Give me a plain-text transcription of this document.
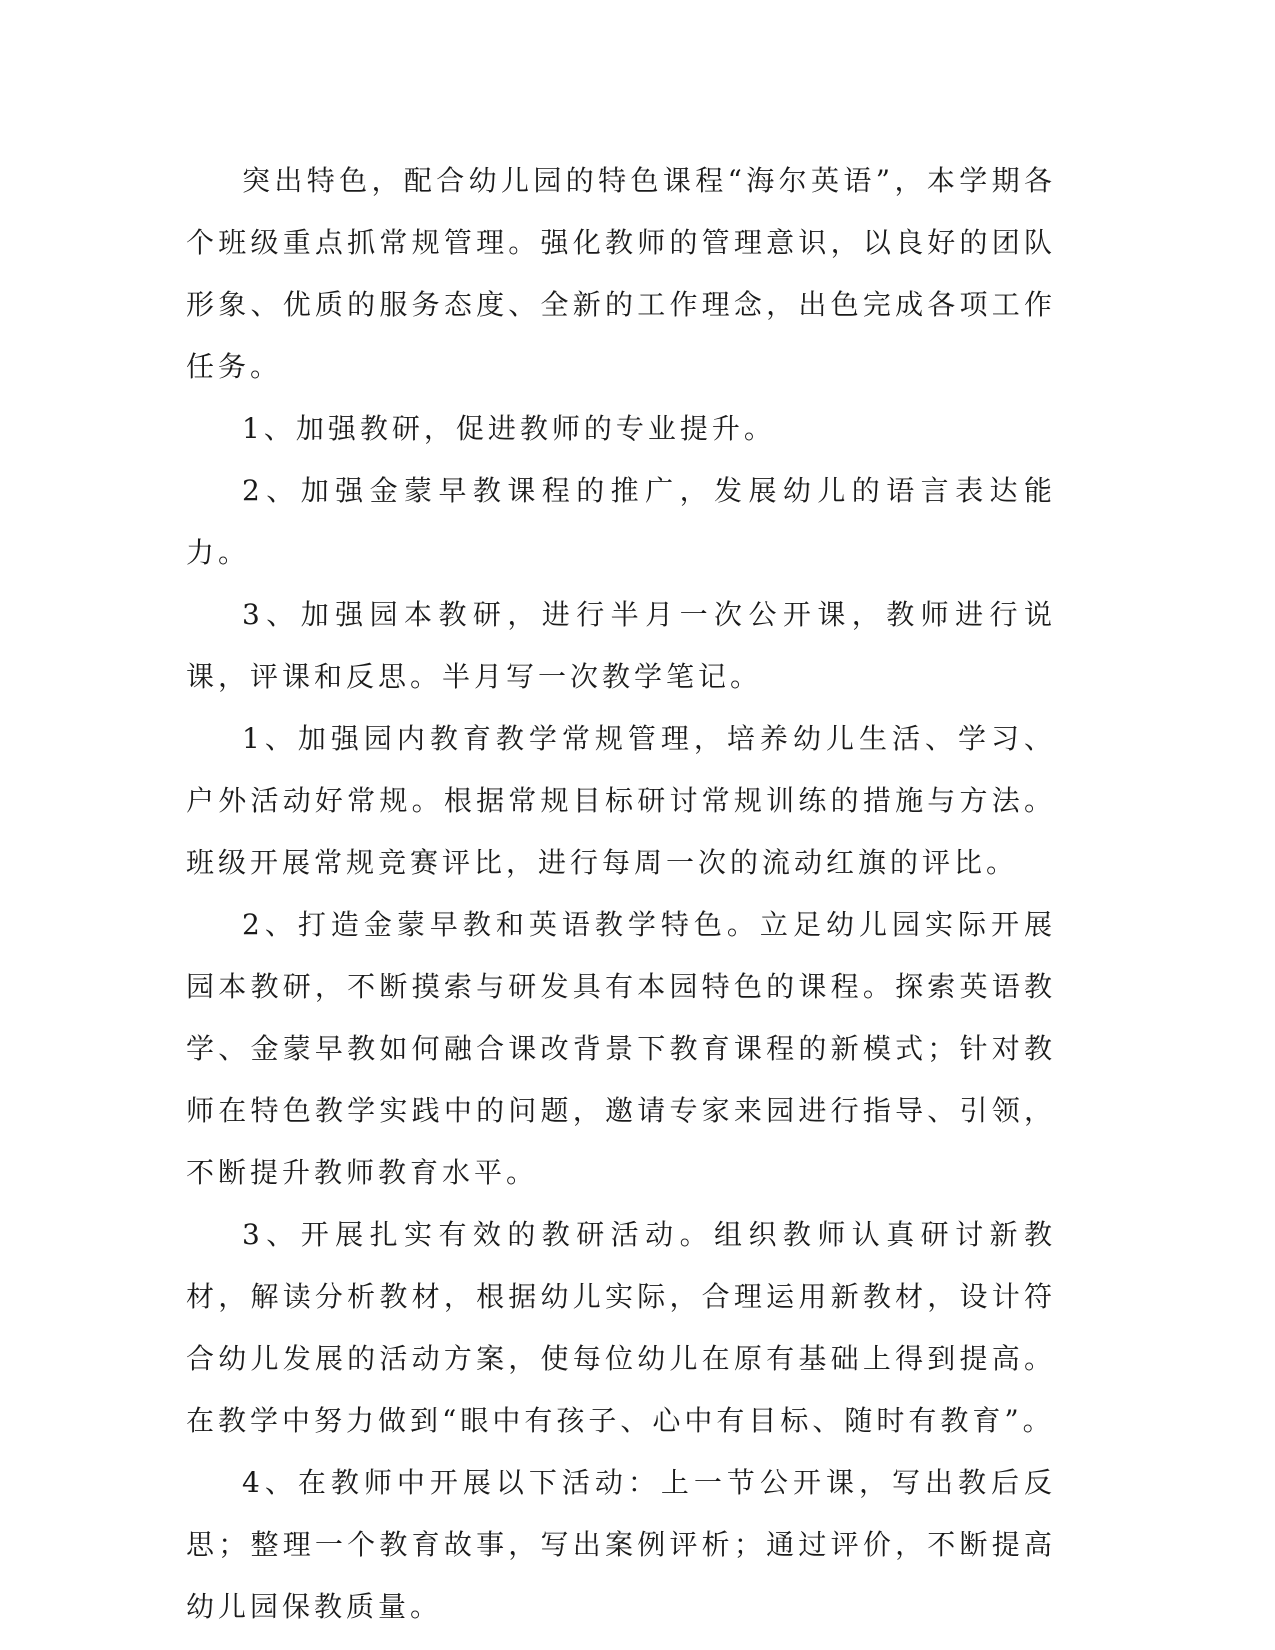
突出特色，配合幼儿园的特色课程“海尔英语”，本学期各个班级重点抓常规管理。强化教师的管理意识，以良好的团队形象、优质的服务态度、全新的工作理念，出色完成各项工作任务。

1、加强教研，促进教师的专业提升。

2、加强金蒙早教课程的推广，发展幼儿的语言表达能力。

3、加强园本教研，进行半月一次公开课，教师进行说课，评课和反思。半月写一次教学笔记。

1、加强园内教育教学常规管理，培养幼儿生活、学习、户外活动好常规。根据常规目标研讨常规训练的措施与方法。班级开展常规竞赛评比，进行每周一次的流动红旗的评比。

2、打造金蒙早教和英语教学特色。立足幼儿园实际开展园本教研，不断摸索与研发具有本园特色的课程。探索英语教学、金蒙早教如何融合课改背景下教育课程的新模式；针对教师在特色教学实践中的问题，邀请专家来园进行指导、引领，不断提升教师教育水平。

3、开展扎实有效的教研活动。组织教师认真研讨新教材，解读分析教材，根据幼儿实际，合理运用新教材，设计符合幼儿发展的活动方案，使每位幼儿在原有基础上得到提高。在教学中努力做到“眼中有孩子、心中有目标、随时有教育”。

4、在教师中开展以下活动：上一节公开课，写出教后反思；整理一个教育故事，写出案例评析；通过评价，不断提高幼儿园保教质量。
